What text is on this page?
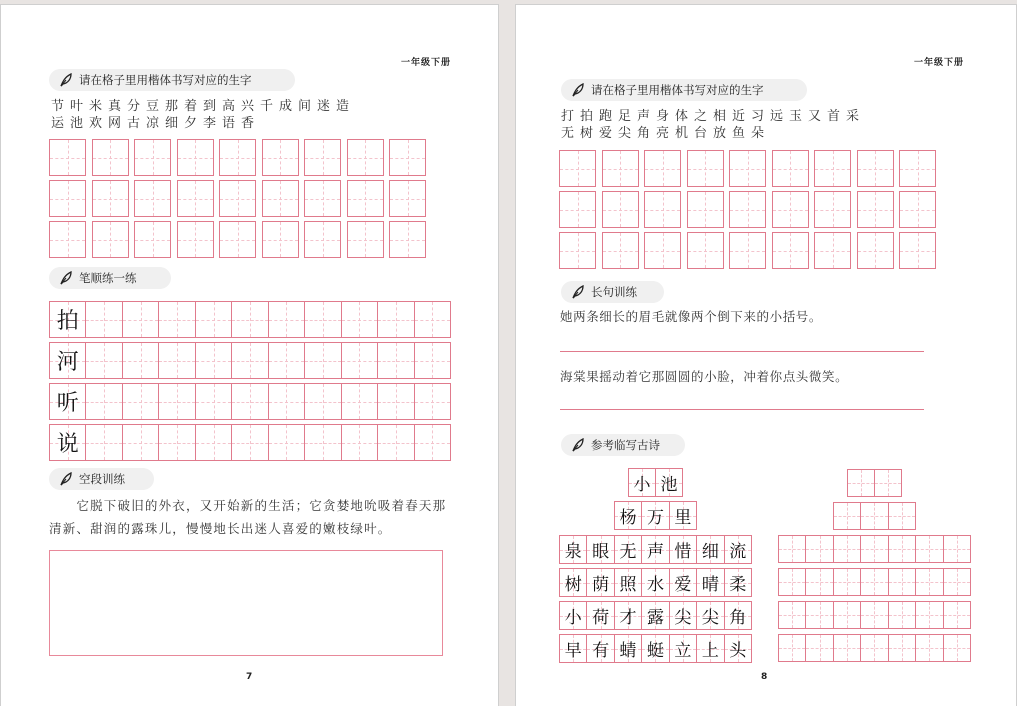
一年级下册
请在格子里用楷体书写对应的生字
节叶米真分豆那着到高兴千成间迷造
运池欢网古凉细夕李语香
笔顺练一练
拍
河
听
说
空段训练
　　它脱下破旧的外衣，又开始新的生活；它贪婪地吮吸着春天那清新、甜润的露珠儿，慢慢地长出迷人喜爱的嫩枝绿叶。
7
一年级下册
请在格子里用楷体书写对应的生字
打拍跑足声身体之相近习远玉又首采
无树爱尖角亮机台放鱼朵
长句训练
她两条细长的眉毛就像两个倒下来的小括号。
海棠果摇动着它那圆圆的小脸，冲着你点头微笑。
参考临写古诗
小 池
杨 万 里
泉 眼 无 声 惜 细 流
树 荫 照 水 爱 晴 柔
小 荷 才 露 尖 尖 角
早 有 蜻 蜓 立 上 头
8
